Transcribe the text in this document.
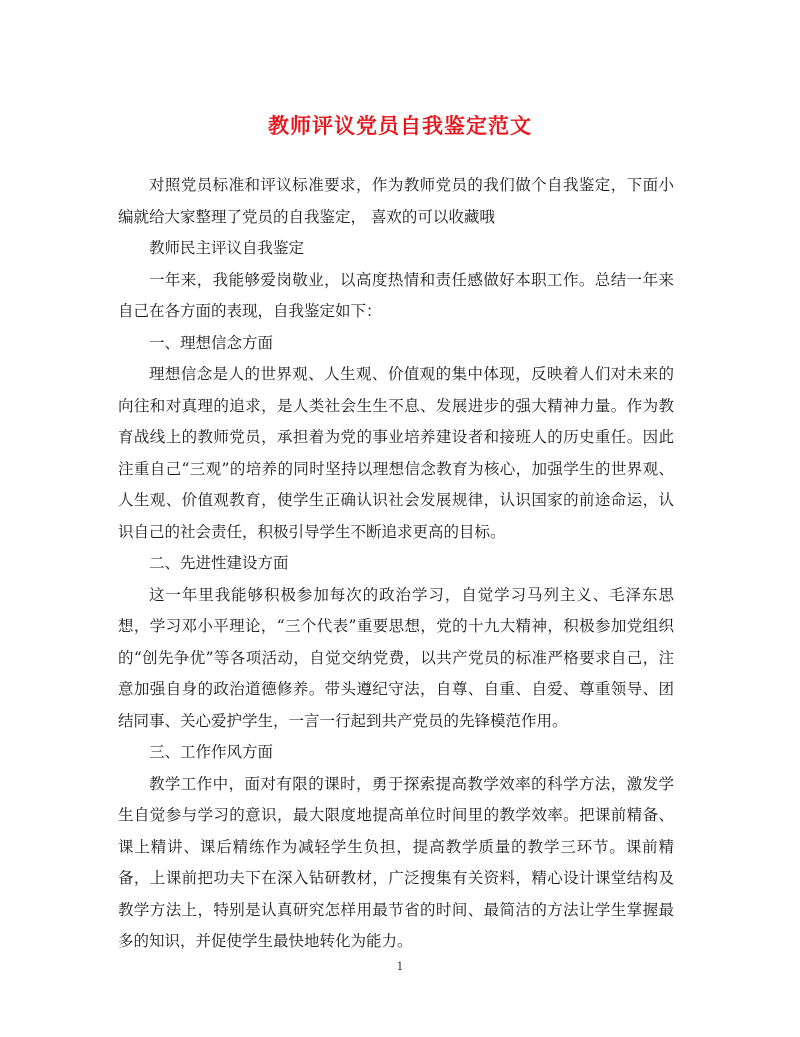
教师评议党员自我鉴定范文

对照党员标准和评议标准要求，作为教师党员的我们做个自我鉴定，下面小编就给大家整理了党员的自我鉴定， 喜欢的可以收藏哦

教师民主评议自我鉴定

一年来，我能够爱岗敬业，以高度热情和责任感做好本职工作。总结一年来自己在各方面的表现，自我鉴定如下：

一、理想信念方面

理想信念是人的世界观、人生观、价值观的集中体现，反映着人们对未来的向往和对真理的追求，是人类社会生生不息、发展进步的强大精神力量。作为教育战线上的教师党员，承担着为党的事业培养建设者和接班人的历史重任。因此注重自己“三观”的培养的同时坚持以理想信念教育为核心，加强学生的世界观、人生观、价值观教育，使学生正确认识社会发展规律，认识国家的前途命运，认识自己的社会责任，积极引导学生不断追求更高的目标。

二、先进性建设方面

这一年里我能够积极参加每次的政治学习，自觉学习马列主义、毛泽东思想，学习邓小平理论，“三个代表”重要思想，党的十九大精神，积极参加党组织的“创先争优”等各项活动，自觉交纳党费，以共产党员的标准严格要求自己，注意加强自身的政治道德修养。带头遵纪守法，自尊、自重、自爱、尊重领导、团结同事、关心爱护学生，一言一行起到共产党员的先锋模范作用。

三、工作作风方面

教学工作中，面对有限的课时，勇于探索提高教学效率的科学方法，激发学生自觉参与学习的意识，最大限度地提高单位时间里的教学效率。把课前精备、课上精讲、课后精练作为减轻学生负担，提高教学质量的教学三环节。课前精备，上课前把功夫下在深入钻研教材，广泛搜集有关资料，精心设计课堂结构及教学方法上，特别是认真研究怎样用最节省的时间、最简洁的方法让学生掌握最多的知识，并促使学生最快地转化为能力。

1
